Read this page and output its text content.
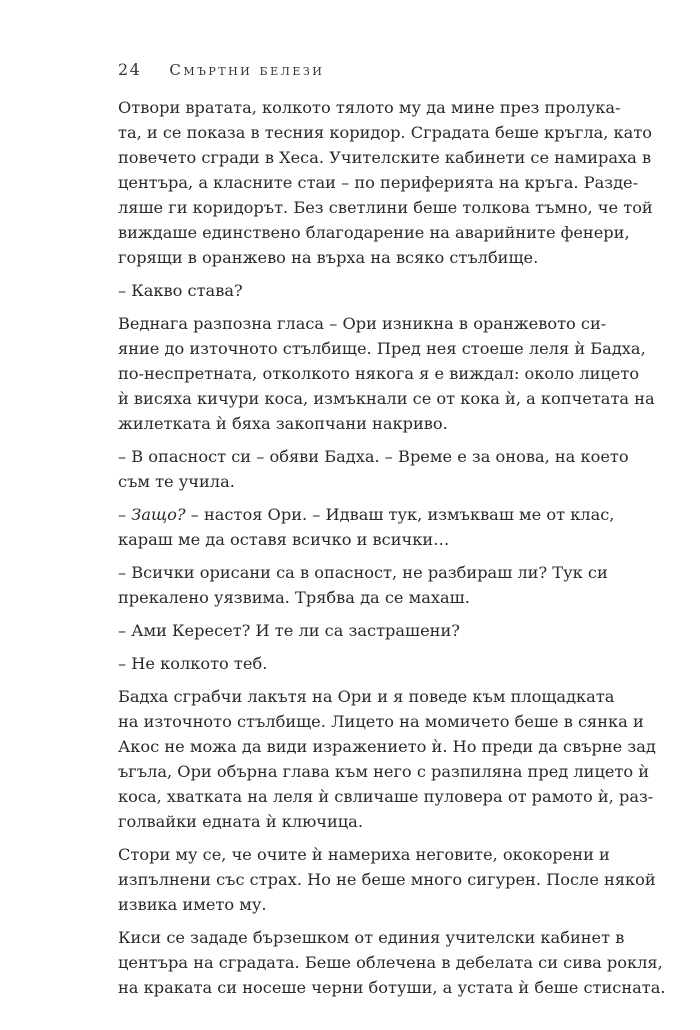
24 Смъртни белези

Отвори вратата, колкото тялото му да мине през пролука-
та, и се показа в тесния коридор. Сградата беше кръгла, като
повечето сгради в Хеса. Учителските кабинети се намираха в
центъра, а класните стаи – по периферията на кръга. Разде-
ляше ги коридорът. Без светлини беше толкова тъмно, че той
виждаше единствено благодарение на аварийните фенери,
горящи в оранжево на върха на всяко стълбище.

– Какво става?

Веднага разпозна гласа – Ори изникна в оранжевото си-
яние до източното стълбище. Пред нея стоеше леля ѝ Бадха,
по-неспретната, отколкото някога я е виждал: около лицето
ѝ висяха кичури коса, измъкнали се от кока ѝ, а копчетата на
жилетката ѝ бяха закопчани накриво.

– В опасност си – обяви Бадха. – Време е за онова, на което
съм те учила.

– Защо? – настоя Ори. – Идваш тук, измъкваш ме от клас,
караш ме да оставя всичко и всички…

– Всички орисани са в опасност, не разбираш ли? Тук си
прекалено уязвима. Трябва да се махаш.

– Ами Кересет? И те ли са застрашени?

– Не колкото теб.

Бадха сграбчи лакътя на Ори и я поведе към площадката
на източното стълбище. Лицето на момичето беше в сянка и
Акос не можа да види изражението ѝ. Но преди да свърне зад
ъгъла, Ори обърна глава към него с разпиляна пред лицето ѝ
коса, хватката на леля ѝ свличаше пуловера от рамото ѝ, раз-
голвайки едната ѝ ключица.

Стори му се, че очите ѝ намериха неговите, ококорени и
изпълнени със страх. Но не беше много сигурен. После някой
извика името му.

Киси се зададе бързешком от единия учителски кабинет в
центъра на сградата. Беше облечена в дебелата си сива рокля,
на краката си носеше черни ботуши, а устата ѝ беше стисната.
